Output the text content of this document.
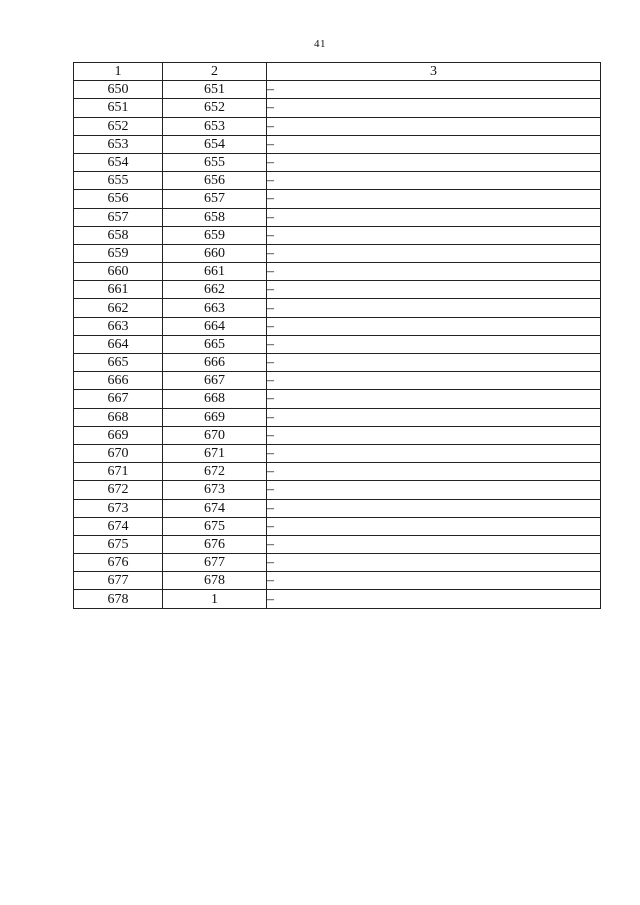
41
1	2	3
650	651	–
651	652	–
652	653	–
653	654	–
654	655	–
655	656	–
656	657	–
657	658	–
658	659	–
659	660	–
660	661	–
661	662	–
662	663	–
663	664	–
664	665	–
665	666	–
666	667	–
667	668	–
668	669	–
669	670	–
670	671	–
671	672	–
672	673	–
673	674	–
674	675	–
675	676	–
676	677	–
677	678	–
678	1	–
